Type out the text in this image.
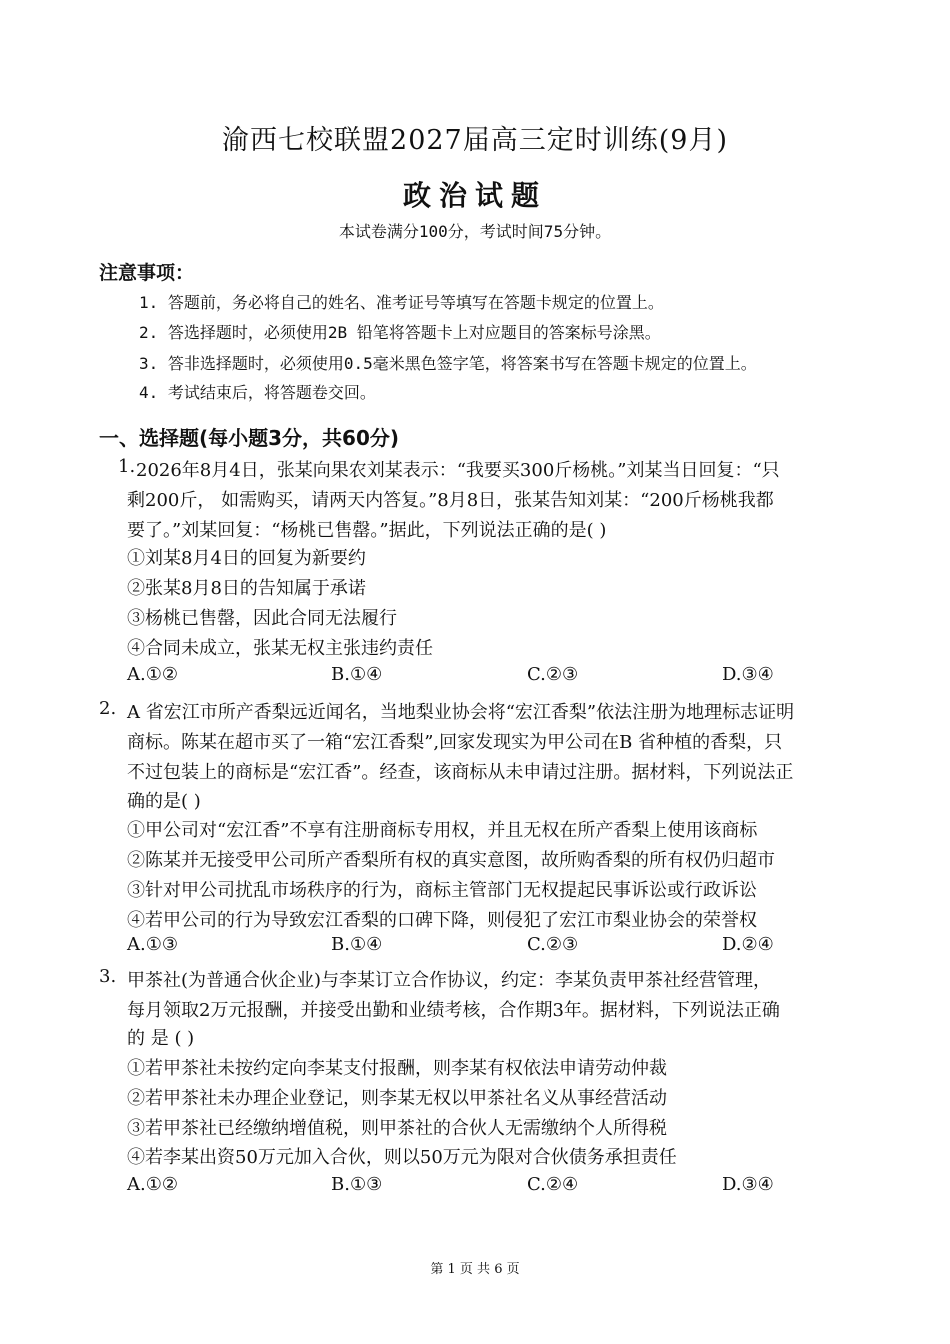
渝西七校联盟2027届高三定时训练(9月)
政治试题
本试卷满分100分，考试时间75分钟。
注意事项：
1. 答题前，务必将自己的姓名、准考证号等填写在答题卡规定的位置上。
2. 答选择题时，必须使用2B 铅笔将答题卡上对应题目的答案标号涂黑。
3. 答非选择题时，必须使用0.5毫米黑色签字笔，将答案书写在答题卡规定的位置上。
4. 考试结束后，将答题卷交回。
一、选择题(每小题3分，共60分)
1. 2026年8月4日，张某向果农刘某表示：“我要买300斤杨桃。”刘某当日回复：“只
剩200斤， 如需购买，请两天内答复。”8月8日，张某告知刘某：“200斤杨桃我都
要了。”刘某回复：“杨桃已售罄。”据此，下列说法正确的是( )
①刘某8月4日的回复为新要约
②张某8月8日的告知属于承诺
③杨桃已售罄，因此合同无法履行
④合同未成立，张某无权主张违约责任
A.①②	B.①④	C.②③	D.③④
2. A 省宏江市所产香梨远近闻名，当地梨业协会将“宏江香梨”依法注册为地理标志证明
商标。陈某在超市买了一箱“宏江香梨”,回家发现实为甲公司在B 省种植的香梨，只
不过包装上的商标是“宏江香”。经查，该商标从未申请过注册。据材料，下列说法正
确的是( )
①甲公司对“宏江香”不享有注册商标专用权，并且无权在所产香梨上使用该商标
②陈某并无接受甲公司所产香梨所有权的真实意图，故所购香梨的所有权仍归超市
③针对甲公司扰乱市场秩序的行为，商标主管部门无权提起民事诉讼或行政诉讼
④若甲公司的行为导致宏江香梨的口碑下降，则侵犯了宏江市梨业协会的荣誉权
A.①③	B.①④	C.②③	D.②④
3. 甲茶社(为普通合伙企业)与李某订立合作协议，约定：李某负责甲茶社经营管理，
每月领取2万元报酬，并接受出勤和业绩考核，合作期3年。据材料，下列说法正确
的 是 ( )
①若甲茶社未按约定向李某支付报酬，则李某有权依法申请劳动仲裁
②若甲茶社未办理企业登记，则李某无权以甲茶社名义从事经营活动
③若甲茶社已经缴纳增值税，则甲茶社的合伙人无需缴纳个人所得税
④若李某出资50万元加入合伙，则以50万元为限对合伙债务承担责任
A.①②	B.①③	C.②④	D.③④
第 1 页 共 6 页
